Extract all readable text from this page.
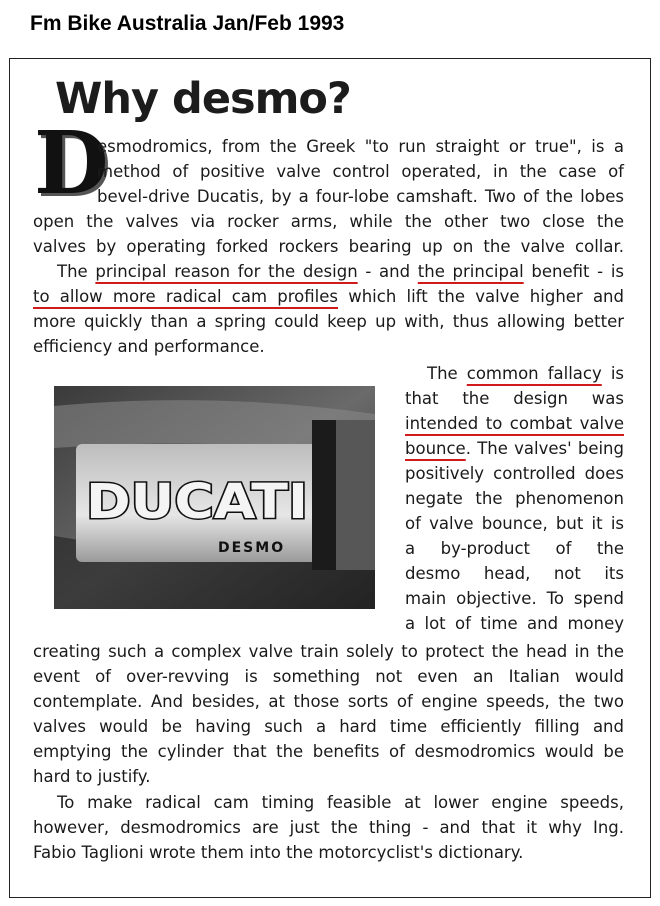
Fm Bike Australia Jan/Feb 1993
Why desmo?
D
DUCATI
DESMO
esmodromics, from the Greek "to run straight or true", is a
method of positive valve control operated, in the case of
bevel-drive Ducatis, by a four-lobe camshaft. Two of the lobes
open the valves via rocker arms, while the other two close the
valves by operating forked rockers bearing up on the valve collar.
The principal reason for the design - and the principal benefit - is
to allow more radical cam profiles which lift the valve higher and
more quickly than a spring could keep up with, thus allowing better
efficiency and performance.
The common fallacy is
that the design was
intended to combat valve
bounce. The valves' being
positively controlled does
negate the phenomenon
of valve bounce, but it is
a by-product of the
desmo head, not its
main objective. To spend
a lot of time and money
creating such a complex valve train solely to protect the head in the
event of over-revving is something not even an Italian would
contemplate. And besides, at those sorts of engine speeds, the two
valves would be having such a hard time efficiently filling and
emptying the cylinder that the benefits of desmodromics would be
hard to justify.
To make radical cam timing feasible at lower engine speeds,
however, desmodromics are just the thing - and that it why Ing.
Fabio Taglioni wrote them into the motorcyclist's dictionary.
